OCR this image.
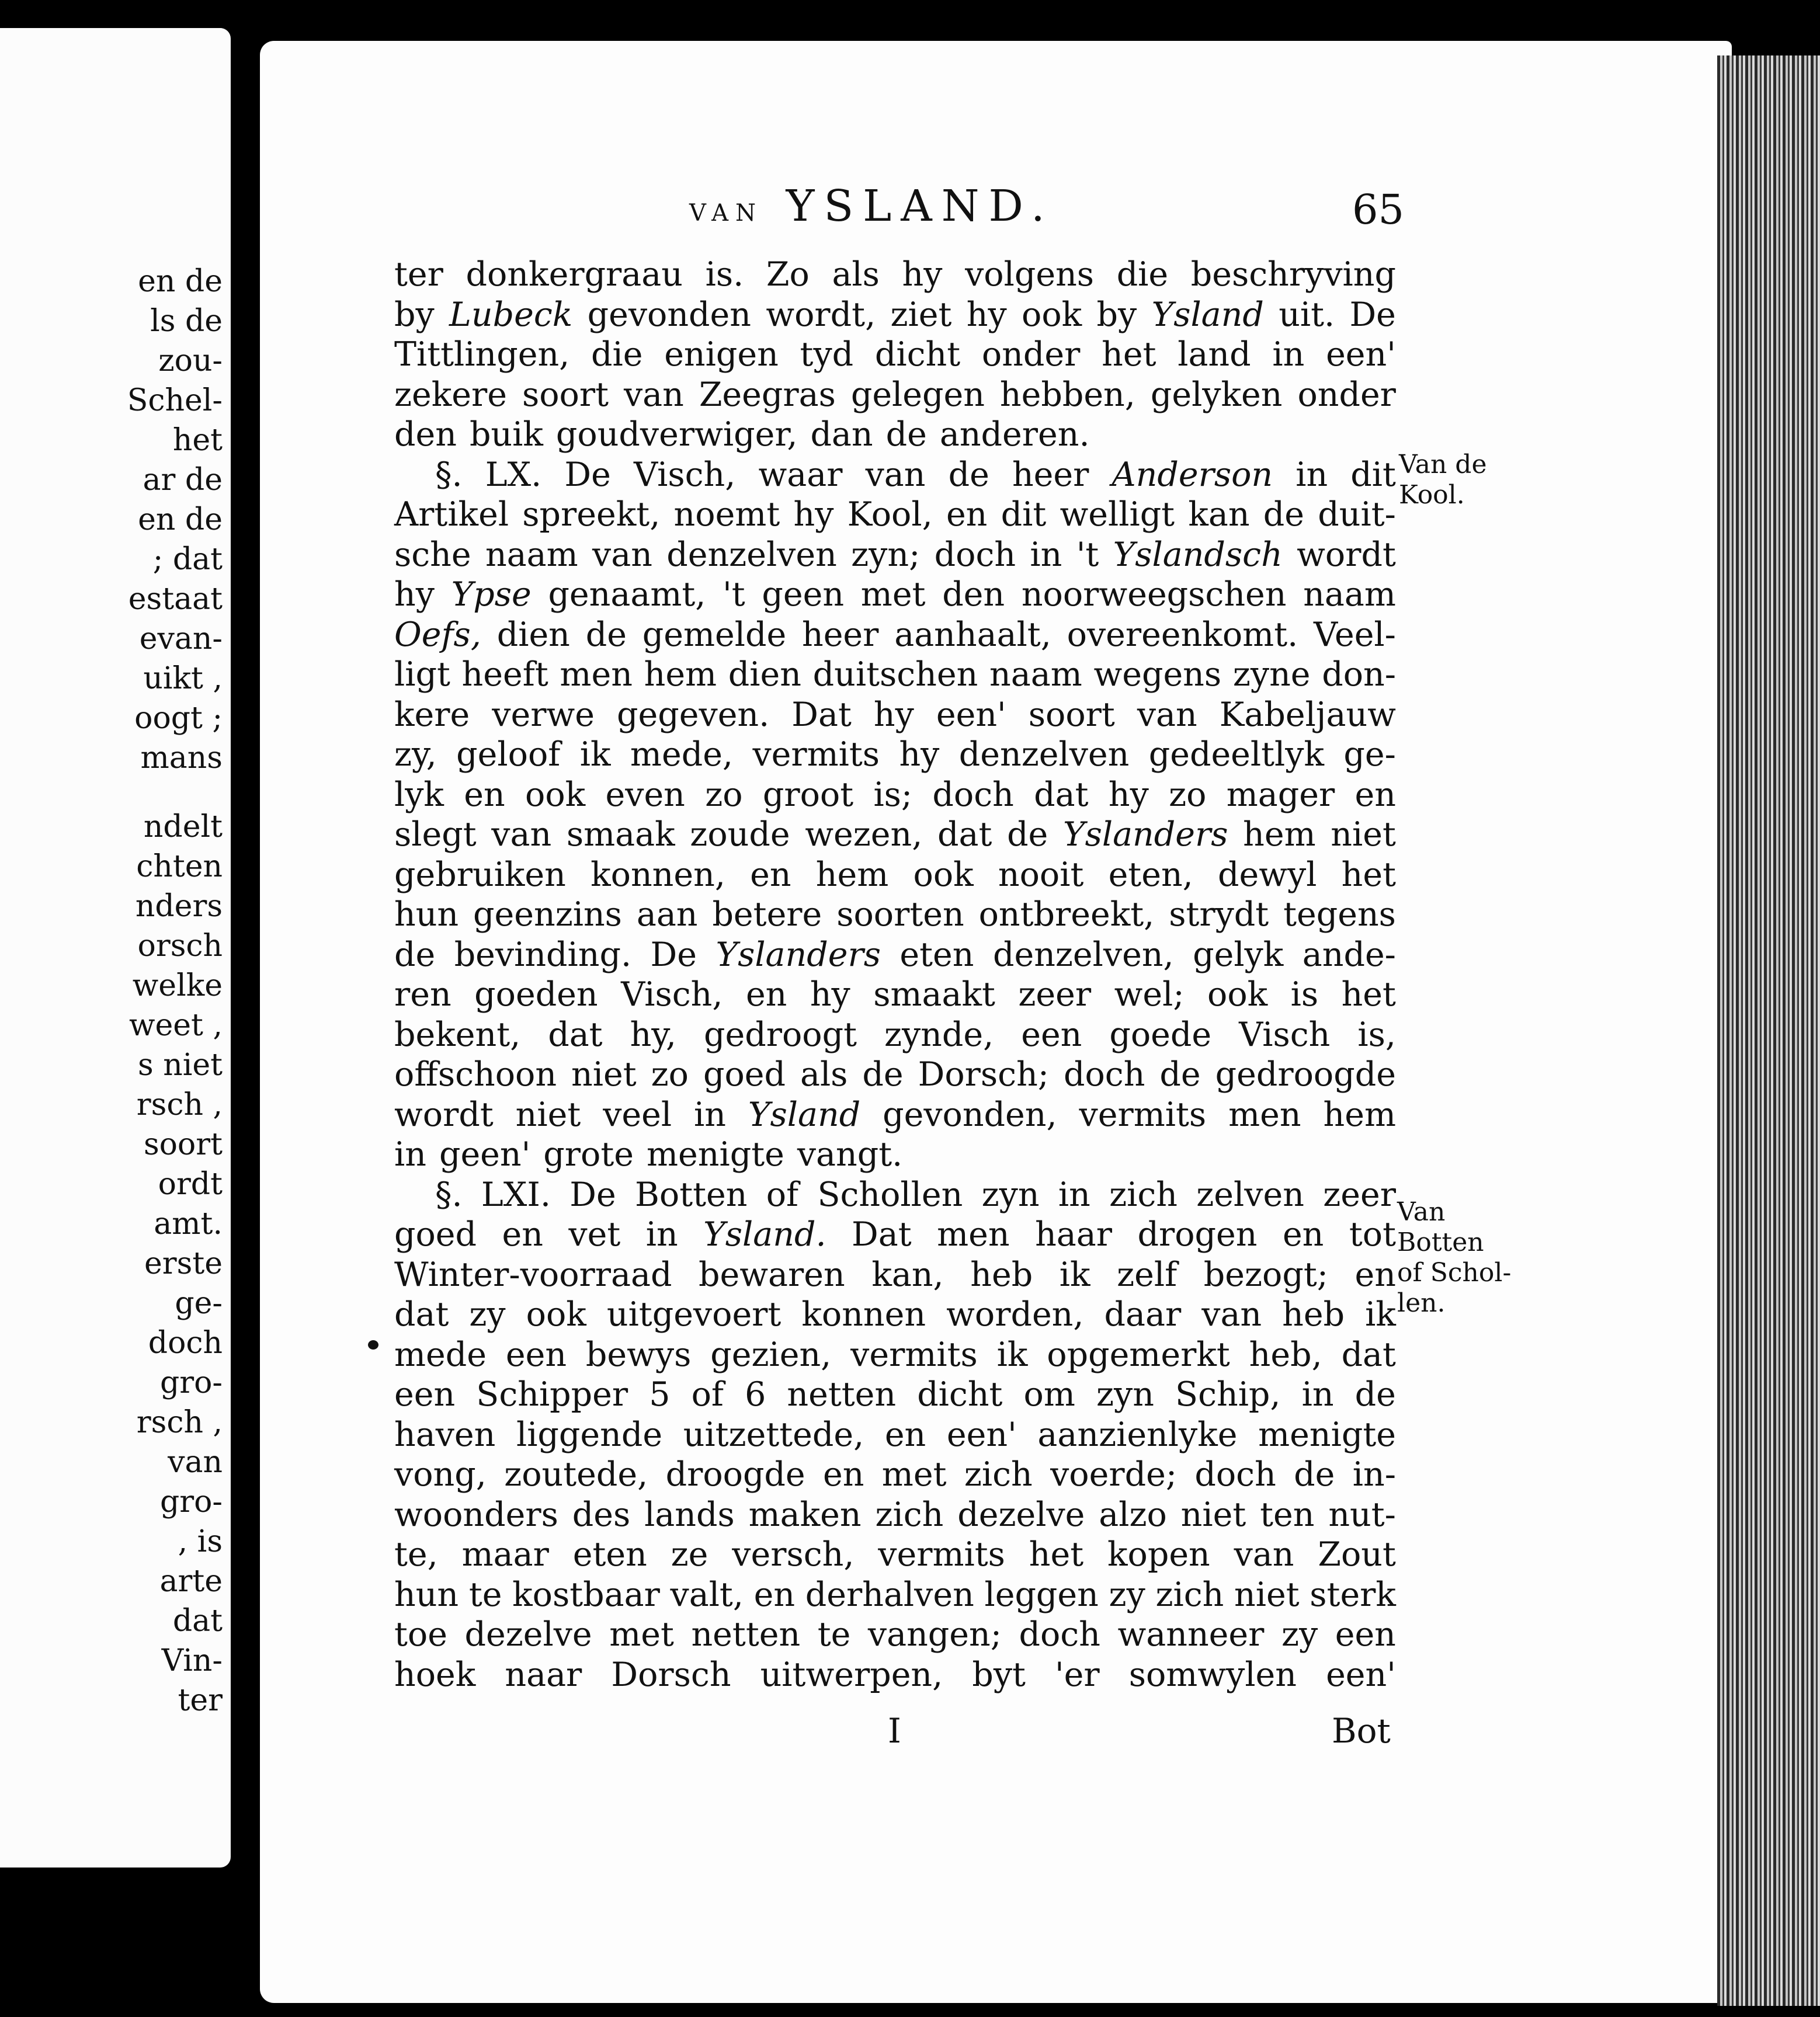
en de
ls de
zou-
Schel-
het
ar de
en de
; dat
estaat
evan-
uikt ,
oogt ;
mans
ndelt
chten
nders
orsch
welke
weet ,
s niet
rsch ,
soort
ordt
amt.
erste
ge-
doch
gro-
rsch ,
van
gro-
, is
arte
dat
Vin-
ter
VAN YSLAND.	65
ter donkergraau is. Zo als hy volgens die beschryving
by Lubeck gevonden wordt, ziet hy ook by Ysland uit. De
Tittlingen, die enigen tyd dicht onder het land in een'
zekere soort van Zeegras gelegen hebben, gelyken onder
den buik goudverwiger, dan de anderen.
§. LX. De Visch, waar van de heer Anderson in dit
Artikel spreekt, noemt hy Kool, en dit welligt kan de duit-
sche naam van denzelven zyn; doch in 't Yslandsch wordt
hy Ypse genaamt, 't geen met den noorweegschen naam
Oefs, dien de gemelde heer aanhaalt, overeenkomt. Veel-
ligt heeft men hem dien duitschen naam wegens zyne don-
kere verwe gegeven. Dat hy een' soort van Kabeljauw
zy, geloof ik mede, vermits hy denzelven gedeeltlyk ge-
lyk en ook even zo groot is; doch dat hy zo mager en
slegt van smaak zoude wezen, dat de Yslanders hem niet
gebruiken konnen, en hem ook nooit eten, dewyl het
hun geenzins aan betere soorten ontbreekt, strydt tegens
de bevinding. De Yslanders eten denzelven, gelyk ande-
ren goeden Visch, en hy smaakt zeer wel; ook is het
bekent, dat hy, gedroogt zynde, een goede Visch is,
offschoon niet zo goed als de Dorsch; doch de gedroogde
wordt niet veel in Ysland gevonden, vermits men hem
in geen' grote menigte vangt.
§. LXI. De Botten of Schollen zyn in zich zelven zeer
goed en vet in Ysland. Dat men haar drogen en tot
Winter-voorraad bewaren kan, heb ik zelf bezogt; en
dat zy ook uitgevoert konnen worden, daar van heb ik
mede een bewys gezien, vermits ik opgemerkt heb, dat
een Schipper 5 of 6 netten dicht om zyn Schip, in de
haven liggende uitzettede, en een' aanzienlyke menigte
vong, zoutede, droogde en met zich voerde; doch de in-
woonders des lands maken zich dezelve alzo niet ten nut-
te, maar eten ze versch, vermits het kopen van Zout
hun te kostbaar valt, en derhalven leggen zy zich niet sterk
toe dezelve met netten te vangen; doch wanneer zy een
hoek naar Dorsch uitwerpen, byt 'er somwylen een'
Van de
Kool.
Van
Botten
of Schol-
len.
I	Bot
